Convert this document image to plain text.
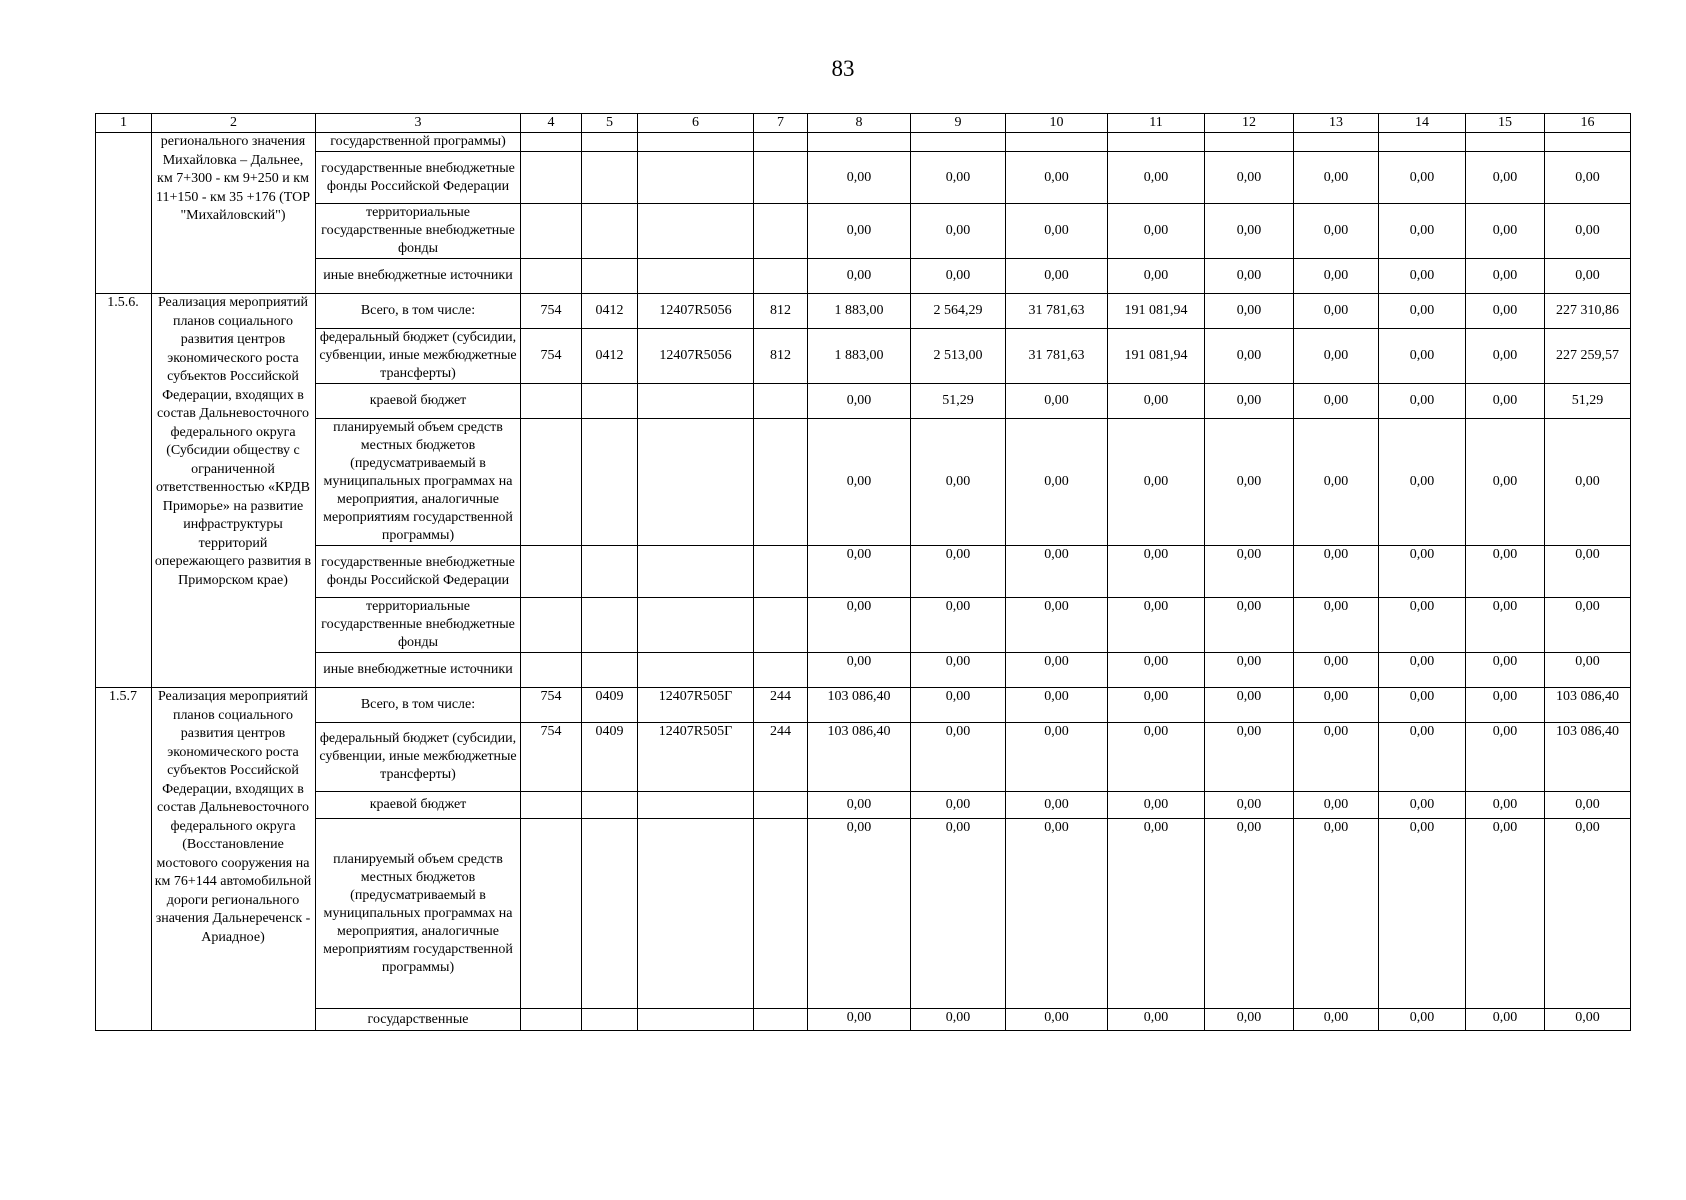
83
1	2	3	4	5	6	7	8	9	10	11	12	13	14	15	16
	регионального значения Михайловка – Дальнее, км 7+300 - км 9+250 и км 11+150 - км 35 +176 (ТОР "Михайловский")	государственной программы)													
		государственные внебюджетные фонды Российской Федерации					0,00	0,00	0,00	0,00	0,00	0,00	0,00	0,00	0,00
		территориальные государственные внебюджетные фонды					0,00	0,00	0,00	0,00	0,00	0,00	0,00	0,00	0,00
		иные внебюджетные источники					0,00	0,00	0,00	0,00	0,00	0,00	0,00	0,00	0,00
1.5.6.	Реализация мероприятий планов социального развития центров экономического роста субъектов Российской Федерации, входящих в состав Дальневосточного федерального округа (Субсидии обществу с ограниченной ответственностью «КРДВ Приморье» на развитие инфраструктуры территорий опережающего развития в Приморском крае)	Всего, в том числе:	754	0412	12407R5056	812	1 883,00	2 564,29	31 781,63	191 081,94	0,00	0,00	0,00	0,00	227 310,86
		федеральный бюджет (субсидии, субвенции, иные межбюджетные трансферты)	754	0412	12407R5056	812	1 883,00	2 513,00	31 781,63	191 081,94	0,00	0,00	0,00	0,00	227 259,57
		краевой бюджет					0,00	51,29	0,00	0,00	0,00	0,00	0,00	0,00	51,29
		планируемый объем средств местных бюджетов (предусматриваемый в муниципальных программах на мероприятия, аналогичные мероприятиям государственной программы)					0,00	0,00	0,00	0,00	0,00	0,00	0,00	0,00	0,00
		государственные внебюджетные фонды Российской Федерации					0,00	0,00	0,00	0,00	0,00	0,00	0,00	0,00	0,00
		территориальные государственные внебюджетные фонды					0,00	0,00	0,00	0,00	0,00	0,00	0,00	0,00	0,00
		иные внебюджетные источники					0,00	0,00	0,00	0,00	0,00	0,00	0,00	0,00	0,00
1.5.7	Реализация мероприятий планов социального развития центров экономического роста субъектов Российской Федерации, входящих в состав Дальневосточного федерального округа (Восстановление мостового сооружения на км 76+144 автомобильной дороги регионального значения Дальнереченск - Ариадное)	Всего, в том числе:	754	0409	12407R505Г	244	103 086,40	0,00	0,00	0,00	0,00	0,00	0,00	0,00	103 086,40
		федеральный бюджет (субсидии, субвенции, иные межбюджетные трансферты)	754	0409	12407R505Г	244	103 086,40	0,00	0,00	0,00	0,00	0,00	0,00	0,00	103 086,40
		краевой бюджет					0,00	0,00	0,00	0,00	0,00	0,00	0,00	0,00	0,00
		планируемый объем средств местных бюджетов (предусматриваемый в муниципальных программах на мероприятия, аналогичные мероприятиям государственной программы)					0,00	0,00	0,00	0,00	0,00	0,00	0,00	0,00	0,00
		государственные					0,00	0,00	0,00	0,00	0,00	0,00	0,00	0,00	0,00
